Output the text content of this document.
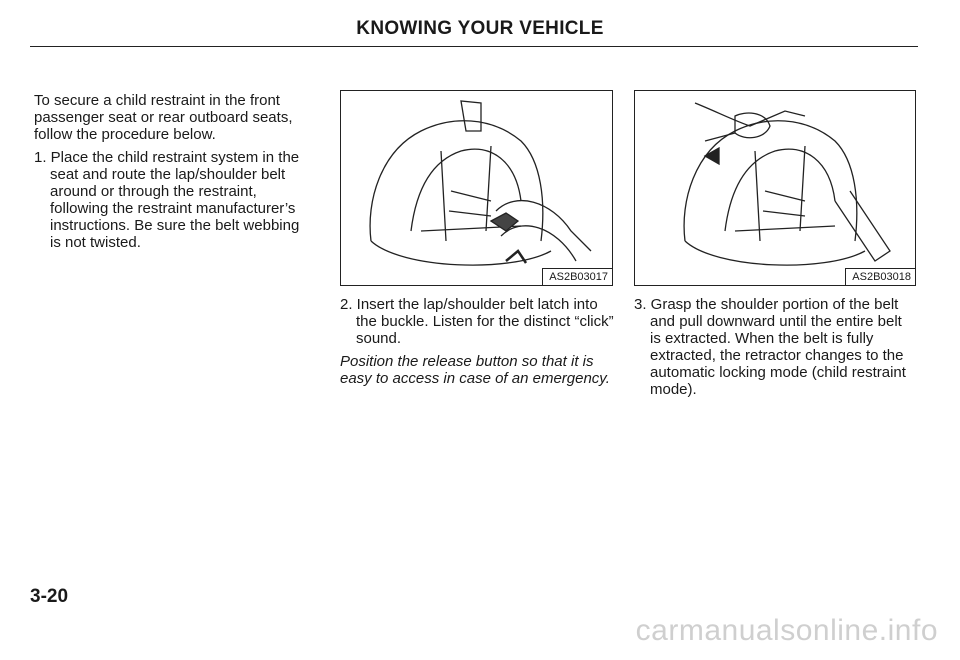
KNOWING YOUR VEHICLE

To secure a child restraint in the front passenger seat or rear outboard seats, follow the procedure below.

1. Place the child restraint system in the seat and route the lap/shoulder belt around or through the restraint, following the restraint manufacturer’s instructions. Be sure the belt webbing is not twisted.

AS2B03017	AS2B03018

2. Insert the lap/shoulder belt latch into the buckle. Listen for the distinct “click” sound.

Position the release button so that it is easy to access in case of an emergency.

3. Grasp the shoulder portion of the belt and pull downward until the entire belt is extracted. When the belt is fully extracted, the retractor changes to the automatic locking mode (child restraint mode).

3-20
carmanualsonline.info
